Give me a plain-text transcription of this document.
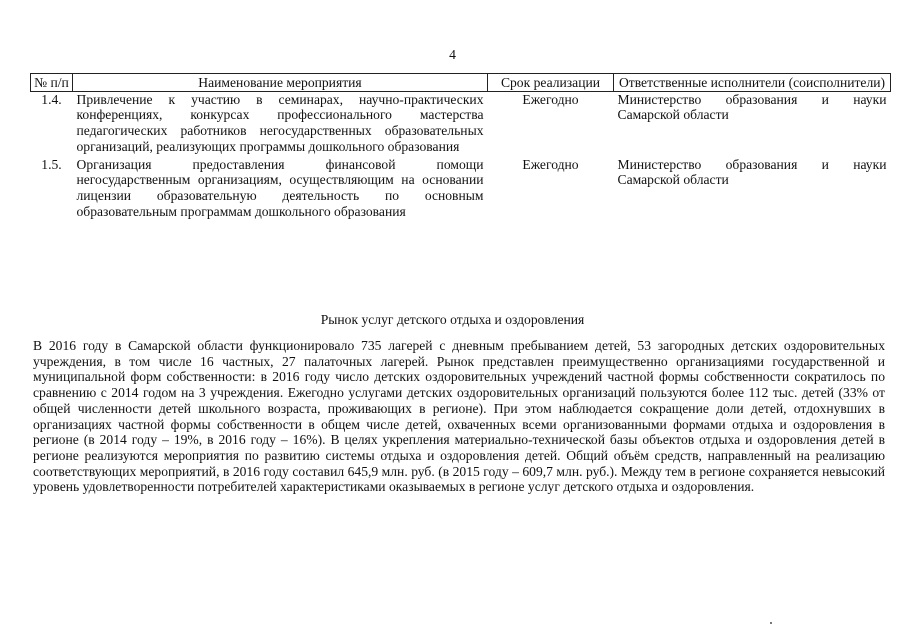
4
№ п/п	Наименование мероприятия	Срок реализации	Ответственные исполнители (соисполнители)
1.4.	Привлечение к участию в семинарах, научно-практических конференциях, конкурсах профессионального мастерства педагогических работников негосударственных образовательных организаций, реализующих программы дошкольного образования	Ежегодно	Министерство образования и науки Самарской области
1.5.	Организация предоставления финансовой помощи негосударственным организациям, осуществляющим на основании лицензии образовательную деятельность по основным образовательным программам дошкольного образования	Ежегодно	Министерство образования и науки Самарской области
Рынок услуг детского отдыха и оздоровления

В 2016 году в Самарской области функционировало 735 лагерей с дневным пребыванием детей, 53 загородных детских оздоровительных учреждения, в том числе 16 частных, 27 палаточных лагерей. Рынок представлен преимущественно организациями государственной и муниципальной форм собственности: в 2016 году число детских оздоровительных учреждений частной формы собственности сократилось по сравнению с 2014 годом на 3 учреждения. Ежегодно услугами детских оздоровительных организаций пользуются более 112 тыс. детей (33% от общей численности детей школьного возраста, проживающих в регионе). При этом наблюдается сокращение доли детей, отдохнувших в организациях частной формы собственности в общем числе детей, охваченных всеми организованными формами отдыха и оздоровления в регионе (в 2014 году – 19%, в 2016 году – 16%). В целях укрепления материально-технической базы объектов отдыха и оздоровления детей в регионе реализуются мероприятия по развитию системы отдыха и оздоровления детей. Общий объём средств, направленный на реализацию соответствующих мероприятий, в 2016 году составил 645,9 млн. руб. (в 2015 году – 609,7 млн. руб.). Между тем в регионе сохраняется невысокий уровень удовлетворенности потребителей характеристиками оказываемых в регионе услуг детского отдыха и оздоровления.
